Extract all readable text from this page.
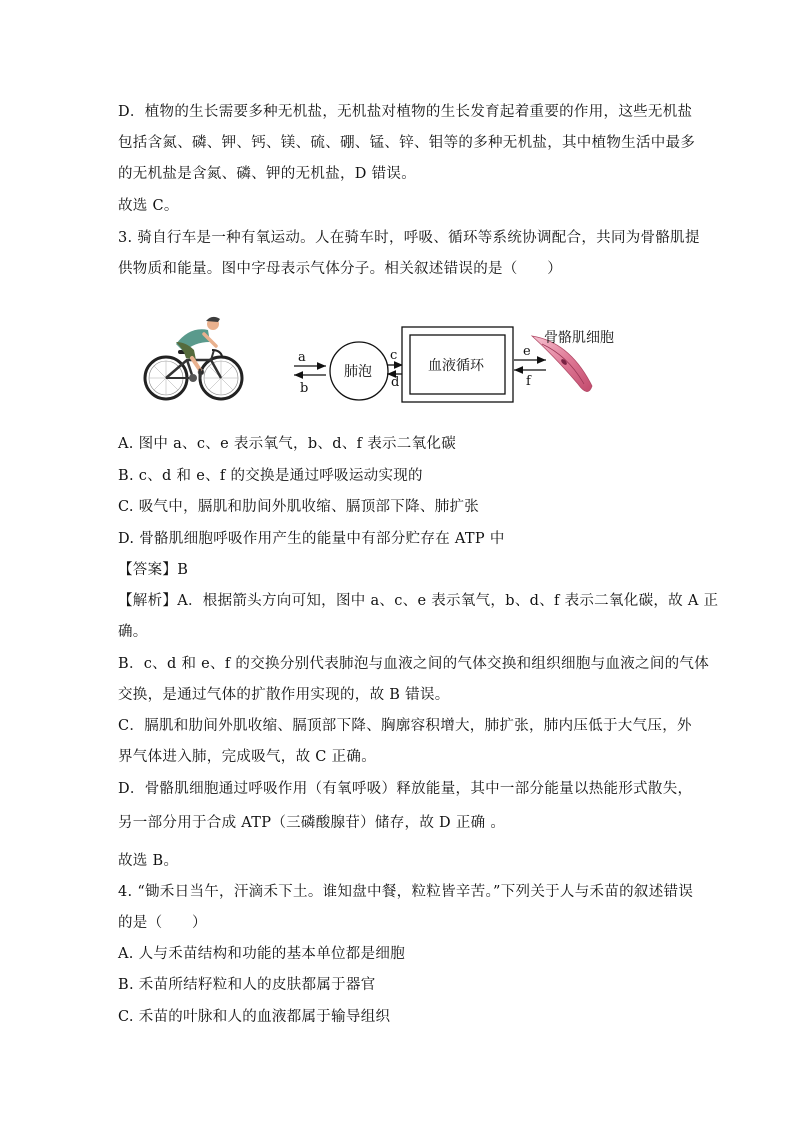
D．植物的生长需要多种无机盐，无机盐对植物的生长发育起着重要的作用，这些无机盐
包括含氮、磷、钾、钙、镁、硫、硼、锰、锌、钼等的多种无机盐，其中植物生活中最多
的无机盐是含氮、磷、钾的无机盐，D 错误。
故选 C。
3. 骑自行车是一种有氧运动。人在骑车时，呼吸、循环等系统协调配合，共同为骨骼肌提
供物质和能量。图中字母表示气体分子。相关叙述错误的是（　　）
a
b
肺泡
c
d
血液循环
e
f
骨骼肌细胞
A. 图中 a、c、e 表示氧气，b、d、f 表示二氧化碳
B. c、d 和 e、f 的交换是通过呼吸运动实现的
C. 吸气中，膈肌和肋间外肌收缩、膈顶部下降、肺扩张
D. 骨骼肌细胞呼吸作用产生的能量中有部分贮存在 ATP 中
【答案】B
【解析】A．根据箭头方向可知，图中 a、c、e 表示氧气，b、d、f 表示二氧化碳，故 A 正
确。
B．c、d 和 e、f 的交换分别代表肺泡与血液之间的气体交换和组织细胞与血液之间的气体
交换，是通过气体的扩散作用实现的，故 B 错误。
C．膈肌和肋间外肌收缩、膈顶部下降、胸廓容积增大，肺扩张，肺内压低于大气压，外
界气体进入肺，完成吸气，故 C 正确。
D．骨骼肌细胞通过呼吸作用（有氧呼吸）释放能量，其中一部分能量以热能形式散失，
另一部分用于合成 ATP（三磷酸腺苷）储存，故 D 正确 。
故选 B。
4. “锄禾日当午，汗滴禾下土。谁知盘中餐，粒粒皆辛苦。”下列关于人与禾苗的叙述错误
的是（　　）
A. 人与禾苗结构和功能的基本单位都是细胞
B. 禾苗所结籽粒和人的皮肤都属于器官
C. 禾苗的叶脉和人的血液都属于输导组织
